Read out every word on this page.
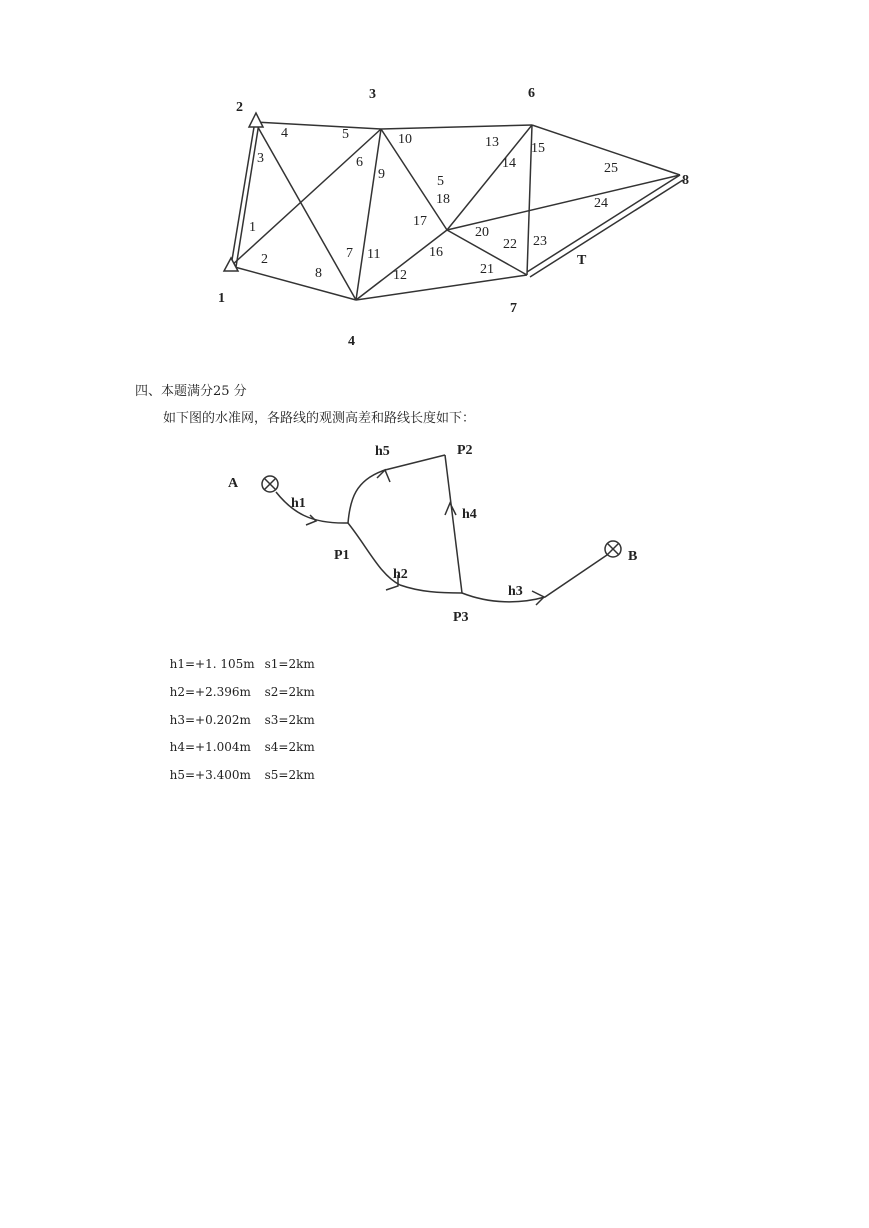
1
2
3
4
5
6
7
8
1
2
3
4	5
6
7
8
9
10
11
12
13
14
15
16
17
18
20
21
22 23
24
25
T
四、本题满分25 分
如下图的水准网，各路线的观测高差和路线长度如下：
A
B
P1
P2
P3
h1
h2
h3
h4
h5

h1=+1. 105m s1=2km

h2=+2.396m s2=2km

h3=+0.202m s3=2km

h4=+1.004m s4=2km

h5=+3.400m s5=2km
